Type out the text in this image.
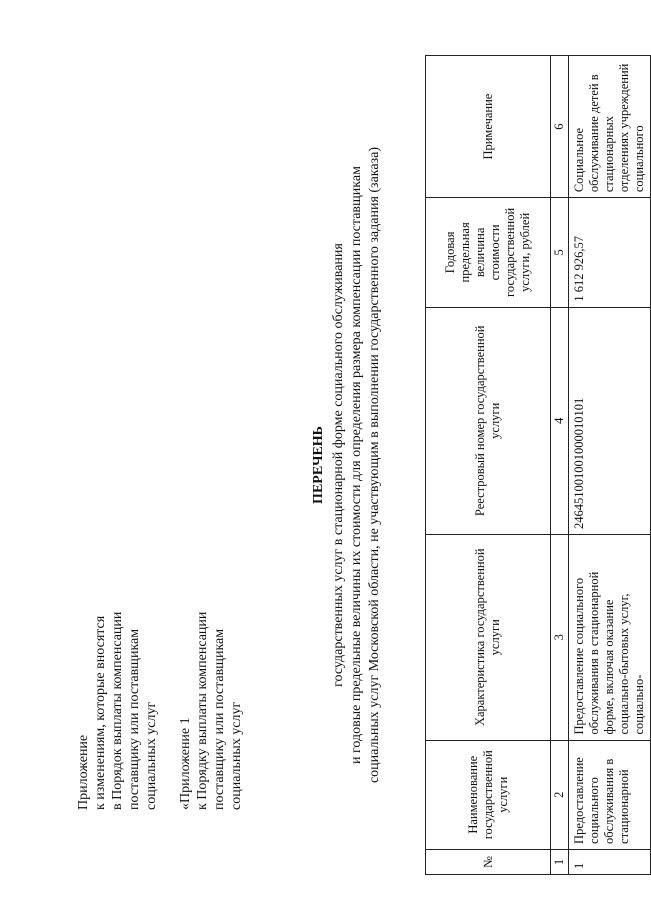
Приложение к изменениям, которые вносятся в Порядок выплаты компенсации поставщику или поставщикам социальных услуг «Приложение 1 к Порядку выплаты компенсации поставщику или поставщикам социальных услуг
ПЕРЕЧЕНЬ государственных услуг в стационарной форме социального обслуживания и годовые предельные величины их стоимости для определения размера компенсации поставщикам социальных услуг Московской области, не участвующим в выполнении государственного задания (заказа)
№	Наименование государственной услуги	Характеристика государственной услуги	Реестровый номер государственной услуги	Годовая предельная величина стоимости государственной услуги, рублей	Примечание
1	2	3	4	5	6
1	Предоставление социального обслуживания в стационарной	Предоставление социального обслуживания в стационарной форме, включая оказание социально-бытовых услуг, социально-	246451001001000010101	1 612 926,57	Социальное обслуживание детей в стационарных отделениях учреждений социального
